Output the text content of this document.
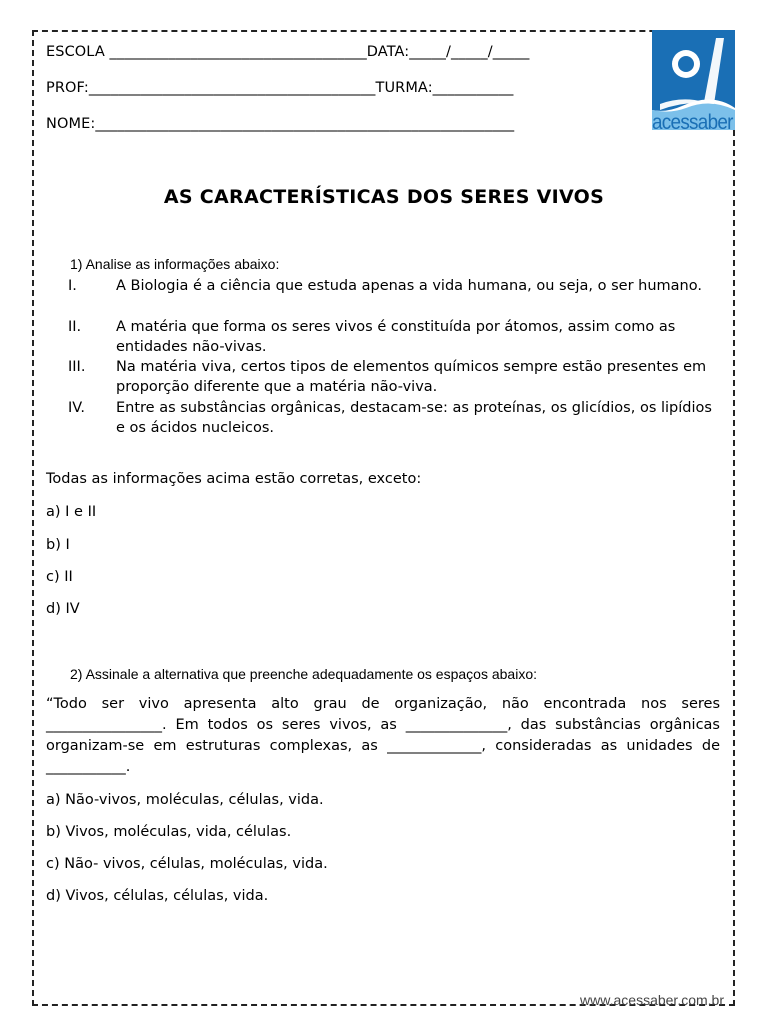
ESCOLA ___________________________________DATA:_____/_____/_____
PROF:_______________________________________TURMA:___________
NOME:_________________________________________________________	acessaber
AS CARACTERÍSTICAS DOS SERES VIVOS
1) Analise as informações abaixo:
I.	A Biologia é a ciência que estuda apenas a vida humana, ou seja, o ser humano.
II. A matéria que forma os seres vivos é constituída por átomos, assim como as entidades não-vivas.
III. Na matéria viva, certos tipos de elementos químicos sempre estão presentes em proporção diferente que a matéria não-viva.
IV. Entre as substâncias orgânicas, destacam-se: as proteínas, os glicídios, os lipídios e os ácidos nucleicos.
Todas as informações acima estão corretas, exceto:
a) I e II
b) I
c) II
d) IV
2) Assinale a alternativa que preenche adequadamente os espaços abaixo:
“Todo ser vivo apresenta alto grau de organização, não encontrada nos seres ________________. Em todos os seres vivos, as ______________, das substâncias orgânicas organizam-se em estruturas complexas, as _____________, consideradas as unidades de ___________.
a) Não-vivos, moléculas, células, vida.
b) Vivos, moléculas, vida, células.
c) Não- vivos, células, moléculas, vida.
d) Vivos, células, células, vida.
www.acessaber.com.br
